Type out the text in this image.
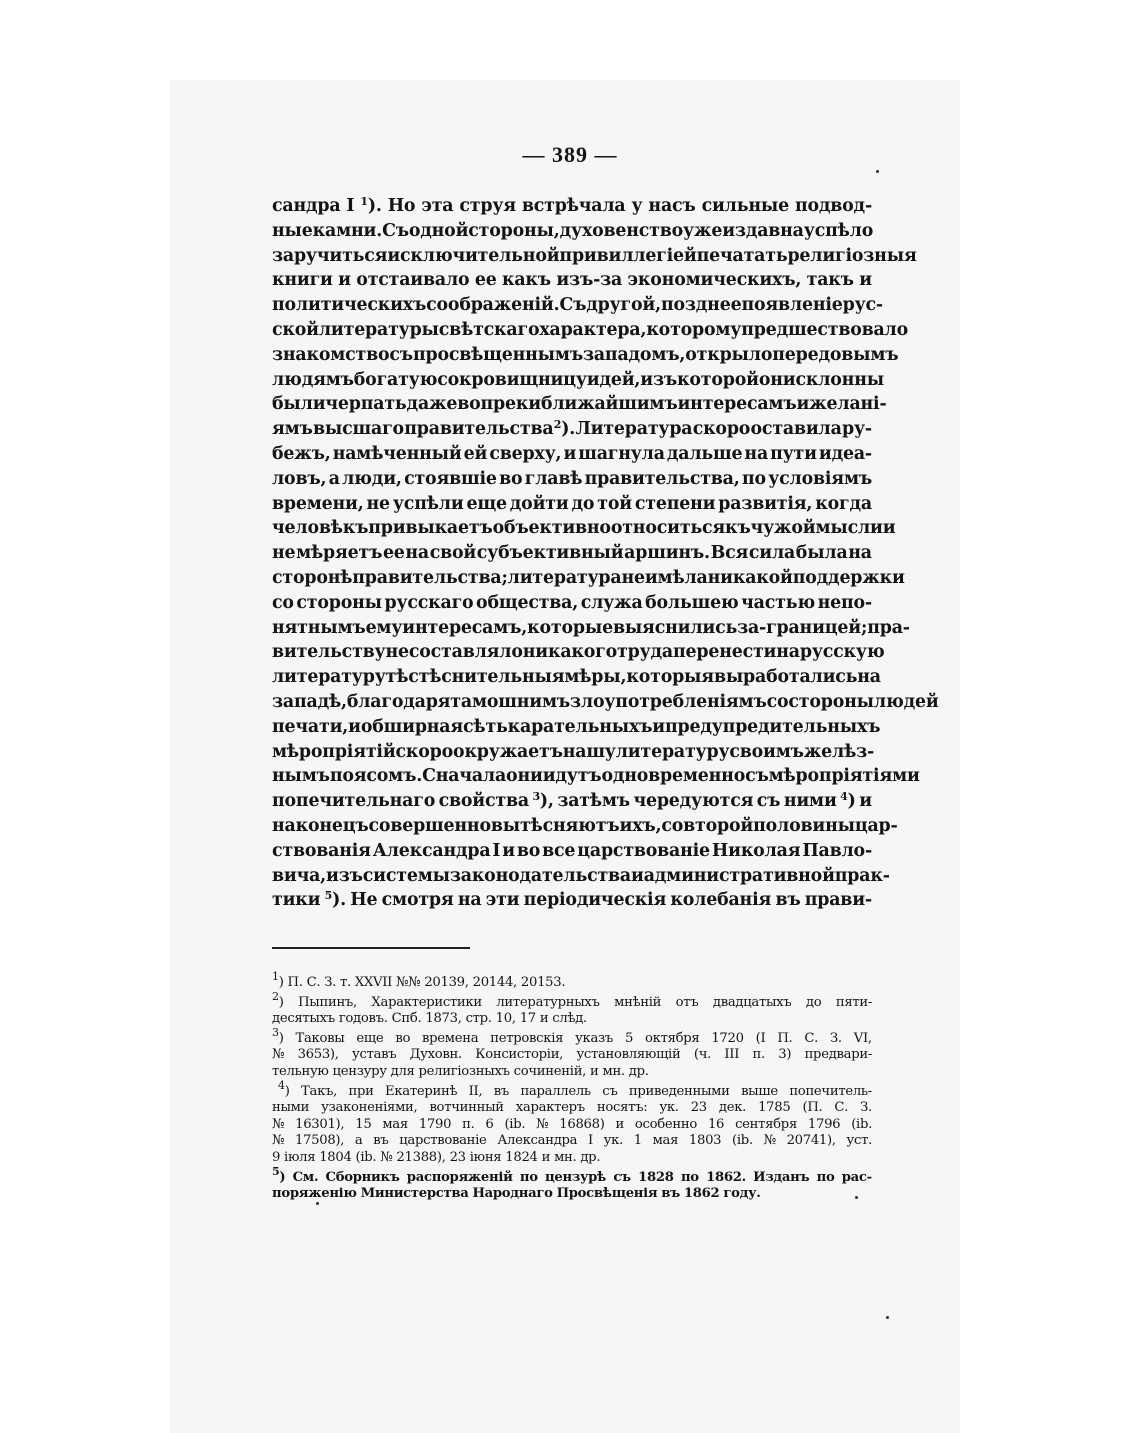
— 389 —
сандра I $^1$). Но эта струя встрѣчала у насъ сильные подвод-
ные камни. Съ одной стороны, духовенство уже издавна успѣло
заручиться исключительной привиллегіей печатать религіозныя
книги и отстаивало ее какъ изъ-за экономическихъ, такъ и
политическихъ соображеній. Съ другой, позднее появленіе рус-
ской литературы свѣтскаго характера, которому предшествовало
знакомство съ просвѣщеннымъ западомъ, открыло передовымъ
людямъ богатую сокровищницу идей, изъ которой они склонны
были черпать даже вопреки ближайшимъ интересамъ и желані-
ямъ высшаго правительства $^2$). Литература скоро оставила ру-
бежъ, намѣченный ей сверху, и шагнула дальше на пути идеа-
ловъ, а люди, стоявшіе во главѣ правительства, по условіямъ
времени, не успѣли еще дойти до той степени развитія, когда
человѣкъ привыкаетъ объективно относиться къ чужой мысли и
не мѣряетъ ее на свой субъективный аршинъ. Вся сила была на
сторонѣ правительства; литература не имѣла никакой поддержки
со стороны русскаго общества, служа большею частью непо-
нятнымъ ему интересамъ, которые выяснились за-границей; пра-
вительству не составляло никакого труда перенести на русскую
литературу тѣ стѣснительныя мѣры, которыя выработались на
западѣ, благодаря тамошнимъ злоупотребленіямъ со стороны людей
печати, и обширная сѣть карательныхъ и предупредительныхъ
мѣропріятій скоро окружаетъ нашу литературу своимъ желѣз-
нымъ поясомъ. Сначала они идутъ одновременно съ мѣропріятіями
попечительнаго свойства $^3$), затѣмъ чередуются съ ними $^4$) и
наконецъ совершенно вытѣсняютъ ихъ, со второй половины цар-
ствованія Александра I и во все царствованіе Николая Павло-
вича, изъ системы законодательства и административной прак-
тики $^5$). Не смотря на эти періодическія колебанія въ прави-
$^1$) П. С. З. т. XXVII №№ 20139, 20144, 20153.
$^2$) Пыпинъ, Характеристики литературныхъ мнѣній отъ двадцатыхъ до пяти-
десятыхъ годовъ. Спб. 1873, стр. 10, 17 и слѣд.
$^3$) Таковы еще во времена петровскія указъ 5 октября 1720 (I П. С. З. VI,
№ 3653), уставъ Духовн. Консисторіи, установляющій (ч. III п. 3) предвари-
тельную цензуру для религіозныхъ сочиненій, и мн. др.
$^4$) Такъ, при Екатеринѣ II, въ параллель съ приведенными выше попечитель-
ными узаконеніями, вотчинный характеръ носятъ: ук. 23 дек. 1785 (П. С. З.
№ 16301), 15 мая 1790 п. 6 (ib. № 16868) и особенно 16 сентября 1796 (ib.
№ 17508), а въ царствованіе Александра I ук. 1 мая 1803 (ib. № 20741), уст.
9 іюля 1804 (ib. № 21388), 23 іюня 1824 и мн. др.
$^5$) См. Сборникъ распоряженій по цензурѣ съ 1828 по 1862. Изданъ по рас-
поряженію Министерства Народнаго Просвѣщенія въ 1862 году.
